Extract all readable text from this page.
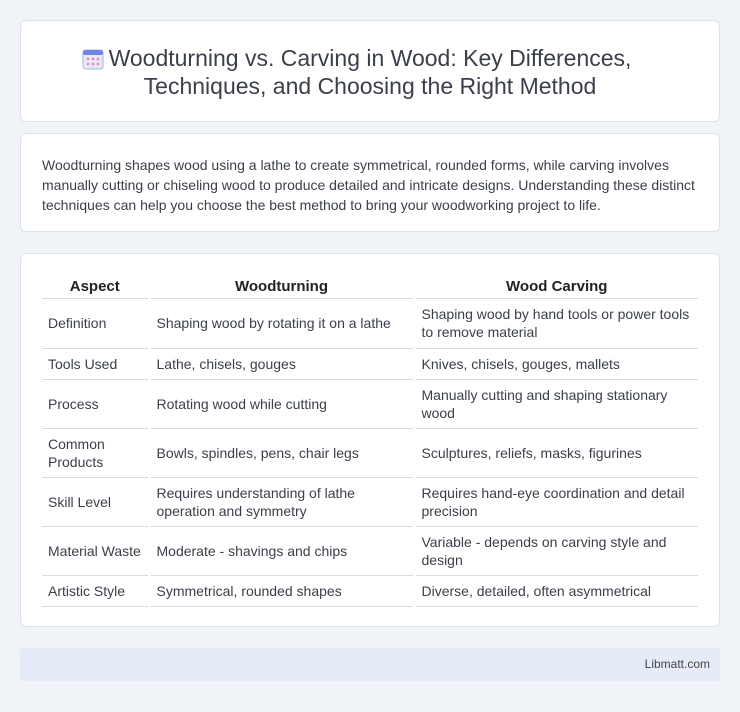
Woodturning vs. Carving in Wood: Key Differences,
Techniques, and Choosing the Right Method

Woodturning shapes wood using a lathe to create symmetrical, rounded forms, while carving involves manually cutting or chiseling wood to produce detailed and intricate designs. Understanding these distinct techniques can help you choose the best method to bring your woodworking project to life.

Aspect	Woodturning	Wood Carving
Definition	Shaping wood by rotating it on a lathe	Shaping wood by hand tools or power tools to remove material
Tools Used	Lathe, chisels, gouges	Knives, chisels, gouges, mallets
Process	Rotating wood while cutting	Manually cutting and shaping stationary wood
Common Products	Bowls, spindles, pens, chair legs	Sculptures, reliefs, masks, figurines
Skill Level	Requires understanding of lathe operation and symmetry	Requires hand-eye coordination and detail precision
Material Waste	Moderate - shavings and chips	Variable - depends on carving style and design
Artistic Style	Symmetrical, rounded shapes	Diverse, detailed, often asymmetrical
Libmatt.com
